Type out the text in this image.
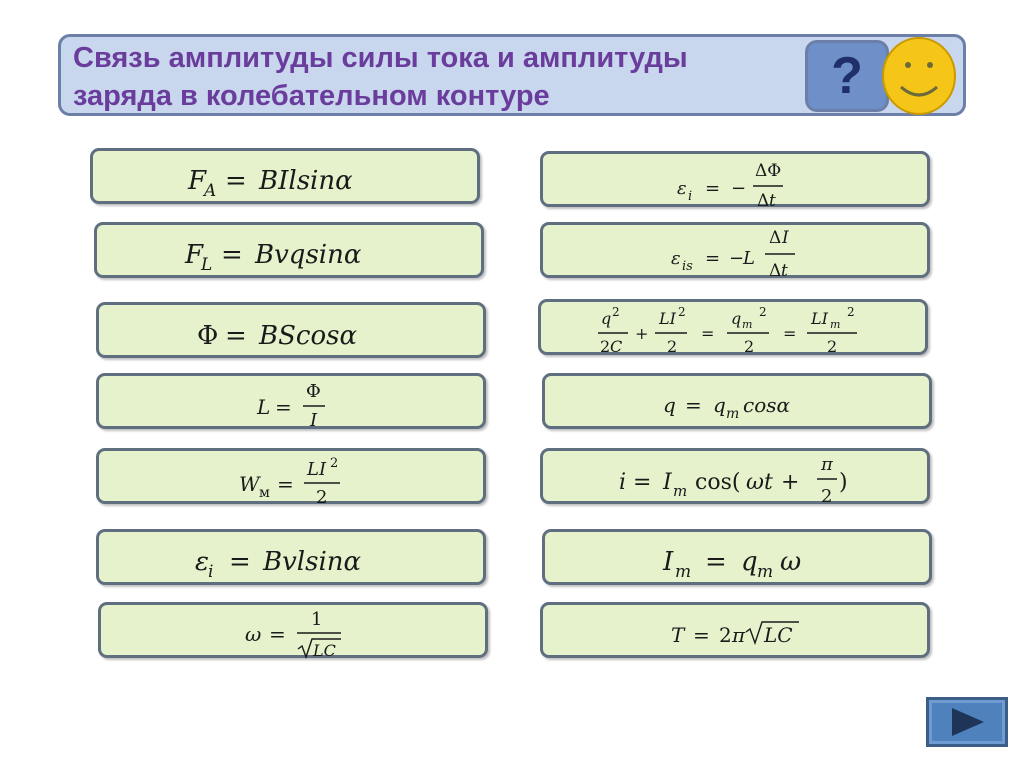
Связь амплитуды силы тока и амплитуды
заряда в колебательном контуре	?
F
A = BIlsinα
F
L = Bvqsinα
Φ = BScosα
L =
Φ
I
W м =
LI 2
2
ε i = Bvlsinα
ω =
1
LC
ε i = −
ΔΦ
Δ t
ε is = −
L
Δ I
Δ t
q 2
2 C
+
LI 2
2
=
q m
2
2
=
LI m
2
2
q = q m cosα
i = I m cos( ωt +
π
2
)
I m = q m ω
T = 2 π LC
